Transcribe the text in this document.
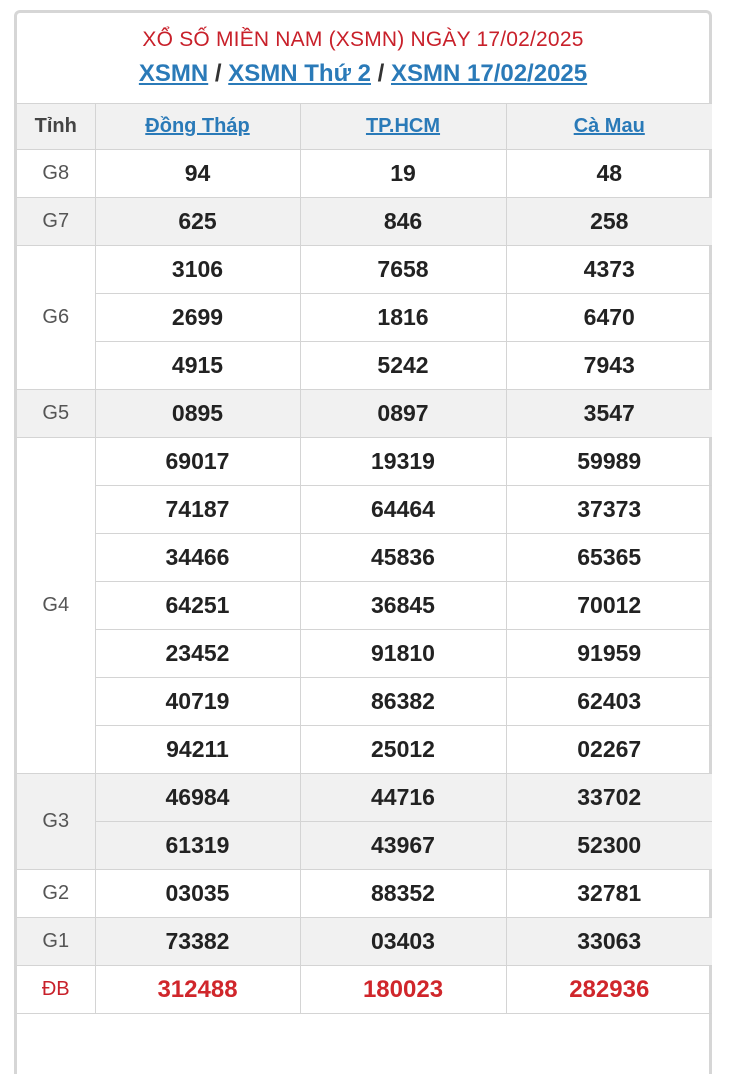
XỔ SỐ MIỀN NAM (XSMN) NGÀY 17/02/2025
XSMN / XSMN Thứ 2 / XSMN 17/02/2025
Tỉnh	Đồng Tháp	TP.HCM	Cà Mau
G8	94	19	48
G7	625	846	258
G6	3106	7658	4373
	2699	1816	6470
	4915	5242	7943
G5	0895	0897	3547
G4	69017	19319	59989
	74187	64464	37373
	34466	45836	65365
	64251	36845	70012
	23452	91810	91959
	40719	86382	62403
	94211	25012	02267
G3	46984	44716	33702
	61319	43967	52300
G2	03035	88352	32781
G1	73382	03403	33063
ĐB	312488	180023	282936
